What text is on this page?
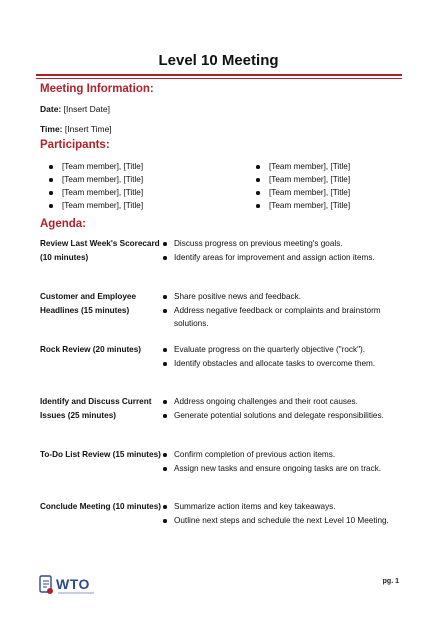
Level 10 Meeting
Meeting Information:
Date: [Insert Date]
Time: [Insert Time]
Participants:
[Team member], [Title]
[Team member], [Title]
[Team member], [Title]
[Team member], [Title]
[Team member], [Title]
[Team member], [Title]
[Team member], [Title]
[Team member], [Title]
Agenda:
Review Last Week's Scorecard (10 minutes)
Discuss progress on previous meeting's goals.
Identify areas for improvement and assign action items.
Customer and Employee Headlines (15 minutes)
Share positive news and feedback.
Address negative feedback or complaints and brainstorm solutions.
Rock Review (20 minutes)	Evaluate progress on the quarterly objective ("rock").
Identify obstacles and allocate tasks to overcome them.
Identify and Discuss Current Issues (25 minutes)
Address ongoing challenges and their root causes.
Generate potential solutions and delegate responsibilities.
To-Do List Review (15 minutes)	Confirm completion of previous action items.
Assign new tasks and ensure ongoing tasks are on track.
Conclude Meeting (10 minutes)	Summarize action items and key takeaways.
Outline next steps and schedule the next Level 10 Meeting.
WTO	pg. 1
